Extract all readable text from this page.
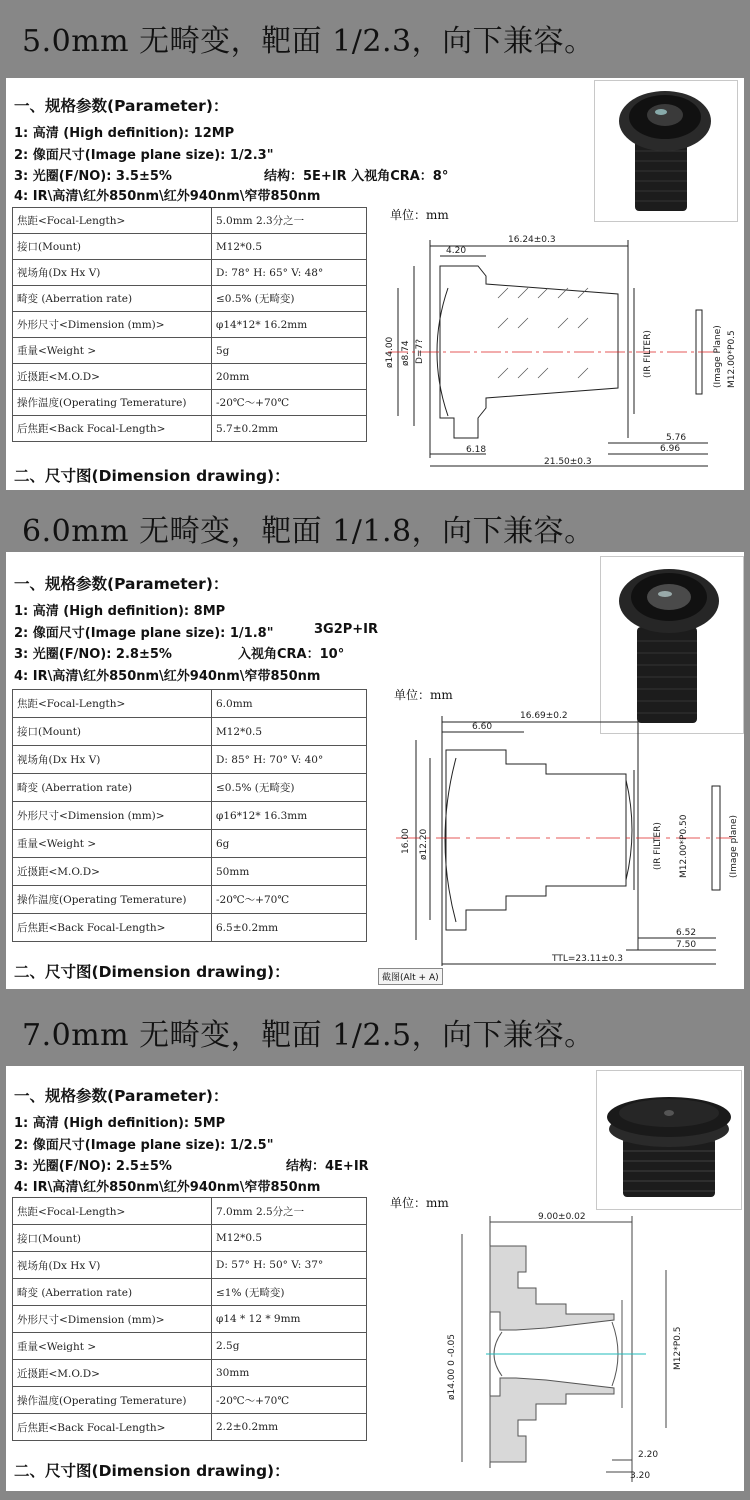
5.0mm 无畸变，靶面 1/2.3，向下兼容。
一、规格参数(Parameter)：
1: 高清 (High definition): 12MP
2: 像面尺寸(Image plane size): 1/2.3"
3: 光圈(F/NO): 3.5±5%	结构：5E+IR 入视角CRA：8°
4: IR\高清\红外850nm\红外940nm\窄带850nm
焦距<Focal-Length>	5.0mm 2.3分之一
接口(Mount)	M12*0.5
视场角(Dx Hx V)	D: 78° H: 65° V: 48°
畸变 (Aberration rate)	≤0.5% (无畸变)
外形尺寸<Dimension (mm)>	φ14*12* 16.2mm
重量<Weight >	5g
近摄距<M.O.D>	20mm
操作温度(Operating Temerature)	-20℃～+70℃
后焦距<Back Focal-Length>	5.7±0.2mm
二、尺寸图(Dimension drawing)：
单位：mm
16.24±0.3
4.20
ø14.00 ø8.74 D=7?	(IR FILTER)	(Image Plane) M12.00*P0.5
5.76
6.96
6.18
21.50±0.3
6.0mm 无畸变，靶面 1/1.8，向下兼容。
一、规格参数(Parameter)：
1: 高清 (High definition): 8MP
2: 像面尺寸(Image plane size): 1/1.8"	3G2P+IR
3: 光圈(F/NO): 2.8±5%	入视角CRA：10°
4: IR\高清\红外850nm\红外940nm\窄带850nm
焦距<Focal-Length>	6.0mm
接口(Mount)	M12*0.5
视场角(Dx Hx V)	D: 85° H: 70° V: 40°
畸变 (Aberration rate)	≤0.5% (无畸变)
外形尺寸<Dimension (mm)>	φ16*12* 16.3mm
重量<Weight >	6g
近摄距<M.O.D>	50mm
操作温度(Operating Temerature)	-20℃～+70℃
后焦距<Back Focal-Length>	6.5±0.2mm
二、尺寸图(Dimension drawing)：
单位：mm
截图(Alt + A)
16.69±0.2
6.60
16.00 ø12.20	(IR FILTER) M12.00*P0.50	(Image plane)
6.52
7.50
TTL=23.11±0.3
7.0mm 无畸变，靶面 1/2.5，向下兼容。
一、规格参数(Parameter)：
1: 高清 (High definition): 5MP
2: 像面尺寸(Image plane size): 1/2.5"
3: 光圈(F/NO): 2.5±5%	结构：4E+IR
4: IR\高清\红外850nm\红外940nm\窄带850nm
焦距<Focal-Length>	7.0mm 2.5分之一
接口(Mount)	M12*0.5
视场角(Dx Hx V)	D: 57° H: 50° V: 37°
畸变 (Aberration rate)	≤1% (无畸变)
外形尺寸<Dimension (mm)>	φ14 * 12 * 9mm
重量<Weight >	2.5g
近摄距<M.O.D>	30mm
操作温度(Operating Temerature)	-20℃～+70℃
后焦距<Back Focal-Length>	2.2±0.2mm
二、尺寸图(Dimension drawing)：
单位：mm
9.00±0.02
ø14.00 0 -0.05	M12*P0.5
2.20
3.20
